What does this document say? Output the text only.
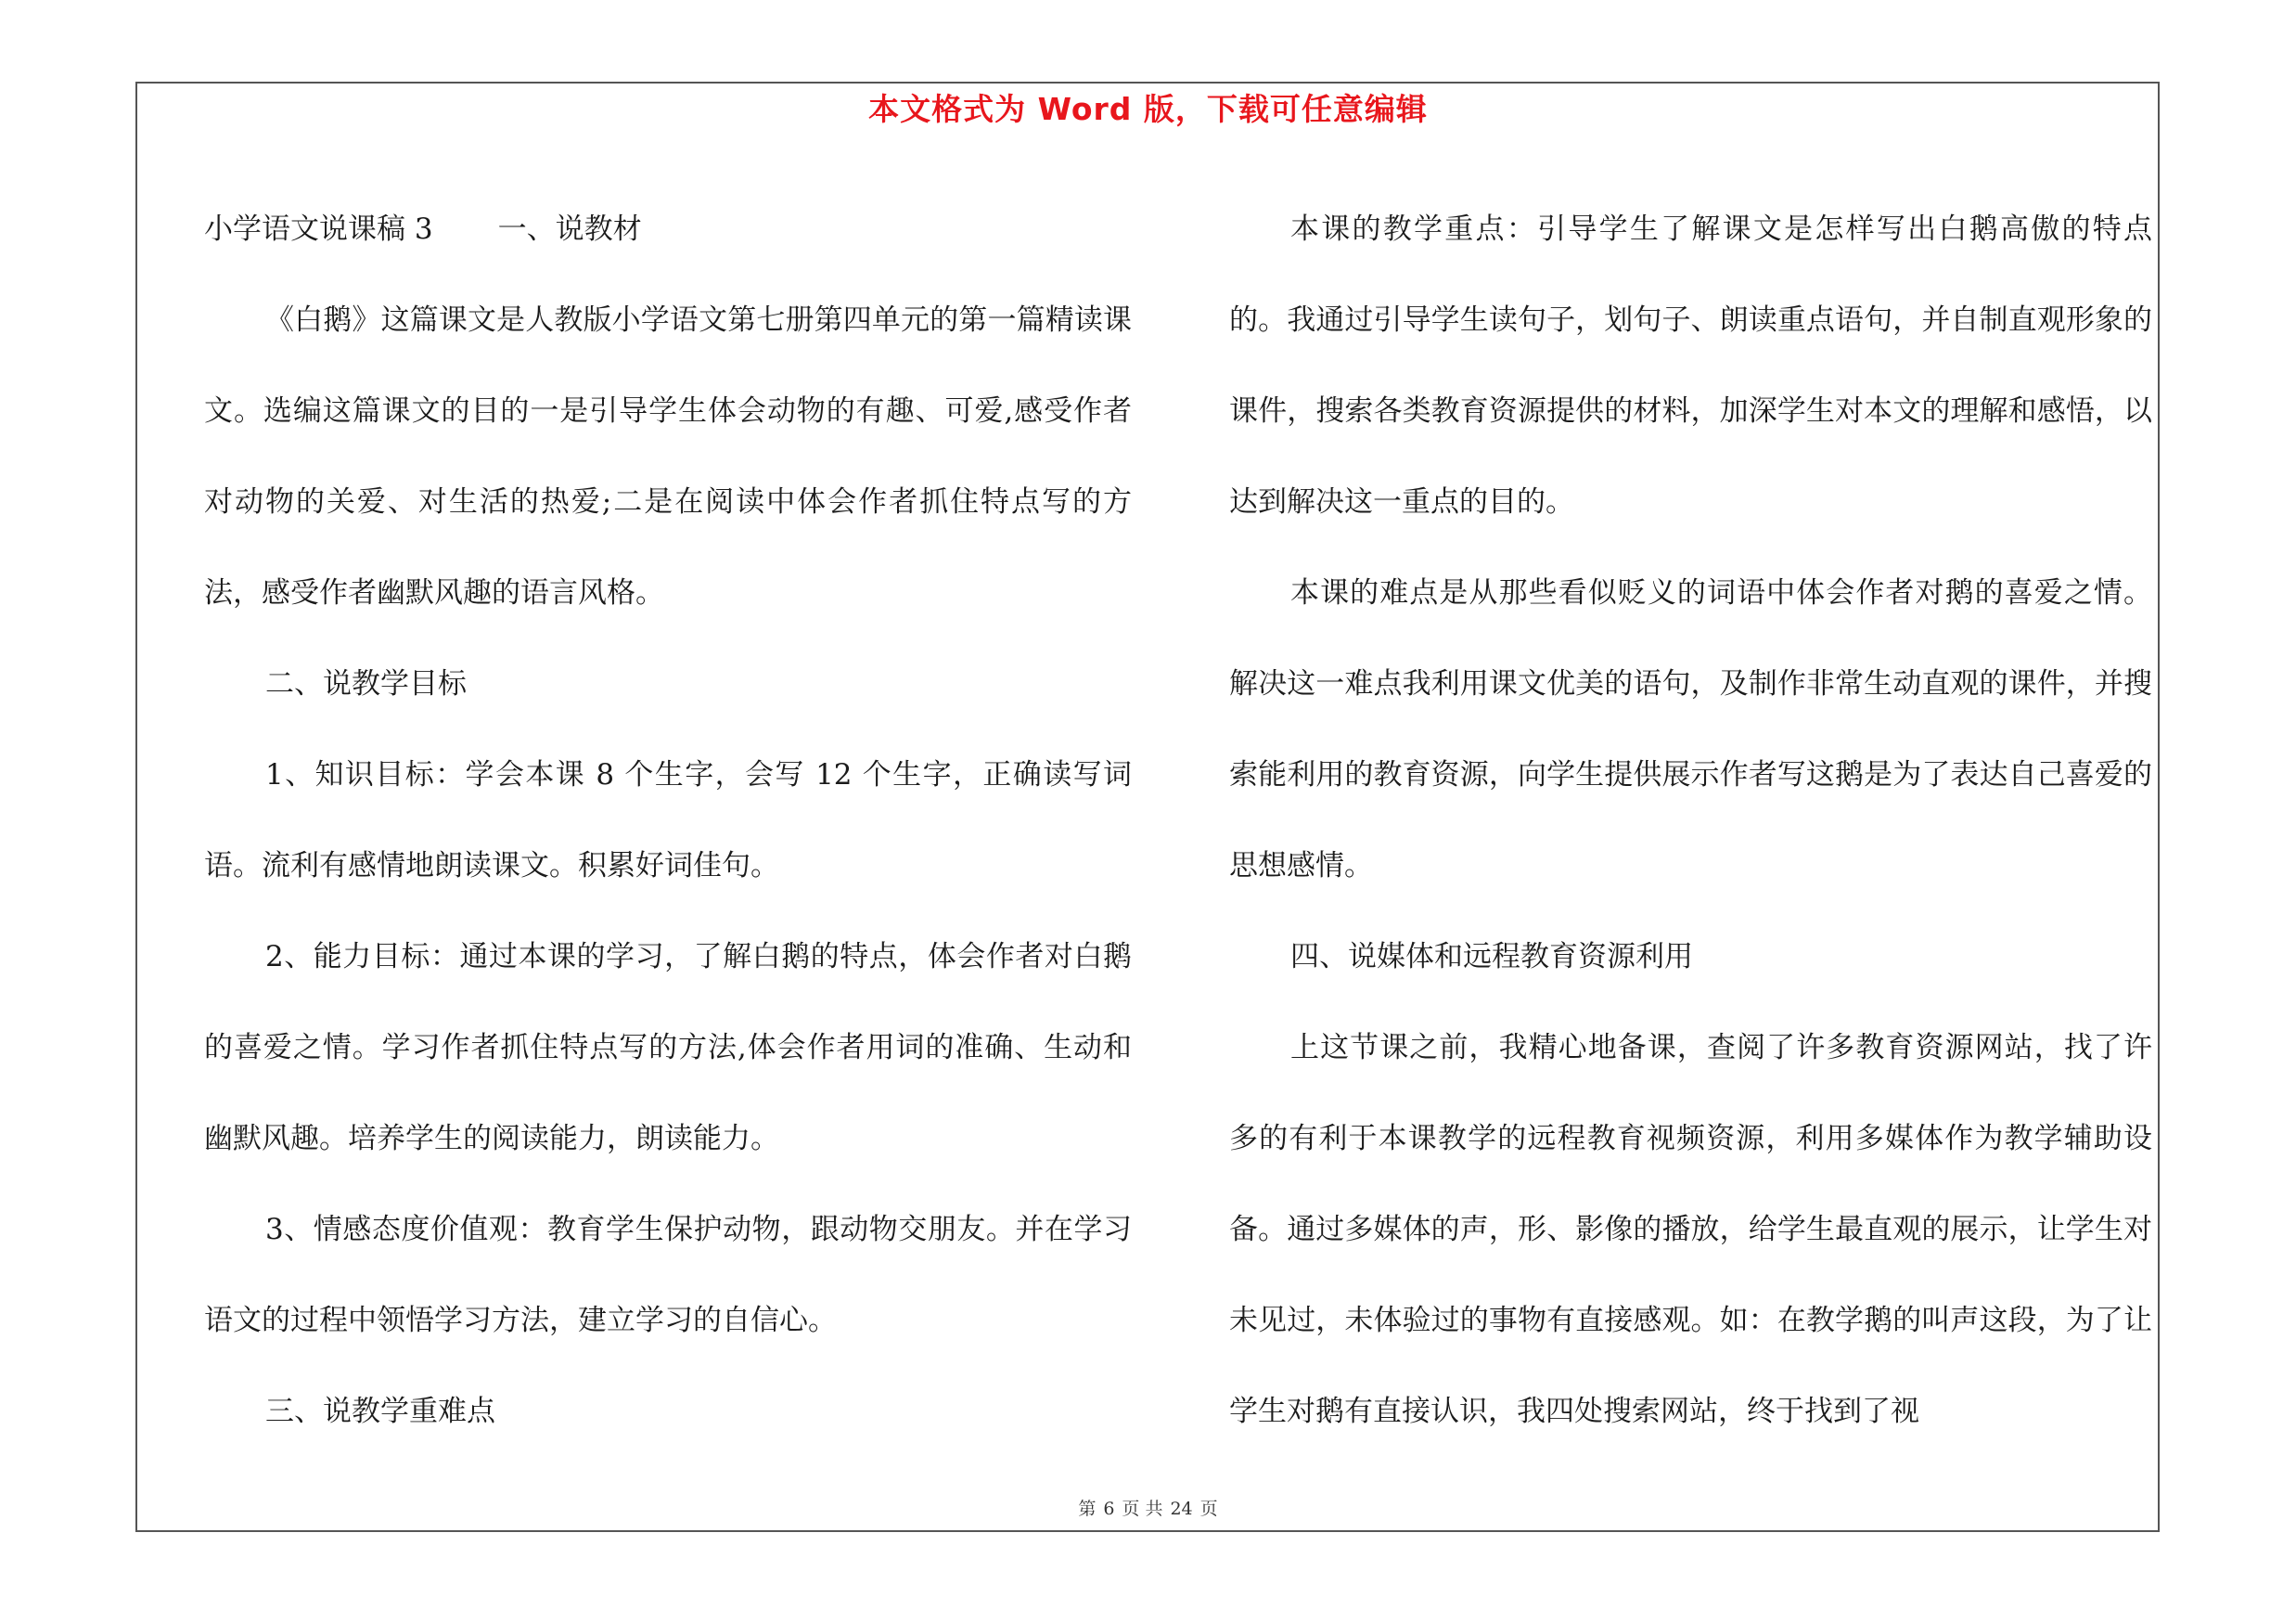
本文格式为 Word 版，下载可任意编辑

小学语文说课稿 3 一、说教材

《白鹅》这篇课文是人教版小学语文第七册第四单元的第一篇精读课文。选编这篇课文的目的一是引导学生体会动物的有趣、可爱,感受作者对动物的关爱、对生活的热爱;二是在阅读中体会作者抓住特点写的方法，感受作者幽默风趣的语言风格。

二、说教学目标

1、知识目标：学会本课 8 个生字，会写 12 个生字，正确读写词语。流利有感情地朗读课文。积累好词佳句。

2、能力目标：通过本课的学习，了解白鹅的特点，体会作者对白鹅的喜爱之情。学习作者抓住特点写的方法,体会作者用词的准确、生动和幽默风趣。培养学生的阅读能力，朗读能力。

3、情感态度价值观：教育学生保护动物，跟动物交朋友。并在学习语文的过程中领悟学习方法，建立学习的自信心。

三、说教学重难点

本课的教学重点：引导学生了解课文是怎样写出白鹅高傲的特点的。我通过引导学生读句子，划句子、朗读重点语句，并自制直观形象的课件，搜索各类教育资源提供的材料，加深学生对本文的理解和感悟，以达到解决这一重点的目的。

本课的难点是从那些看似贬义的词语中体会作者对鹅的喜爱之情。解决这一难点我利用课文优美的语句，及制作非常生动直观的课件，并搜索能利用的教育资源，向学生提供展示作者写这鹅是为了表达自己喜爱的思想感情。

四、说媒体和远程教育资源利用

上这节课之前，我精心地备课，查阅了许多教育资源网站，找了许多的有利于本课教学的远程教育视频资源，利用多媒体作为教学辅助设备。通过多媒体的声，形、影像的播放，给学生最直观的展示，让学生对未见过，未体验过的事物有直接感观。如：在教学鹅的叫声这段，为了让学生对鹅有直接认识，我四处搜索网站，终于找到了视

第 6 页 共 24 页
